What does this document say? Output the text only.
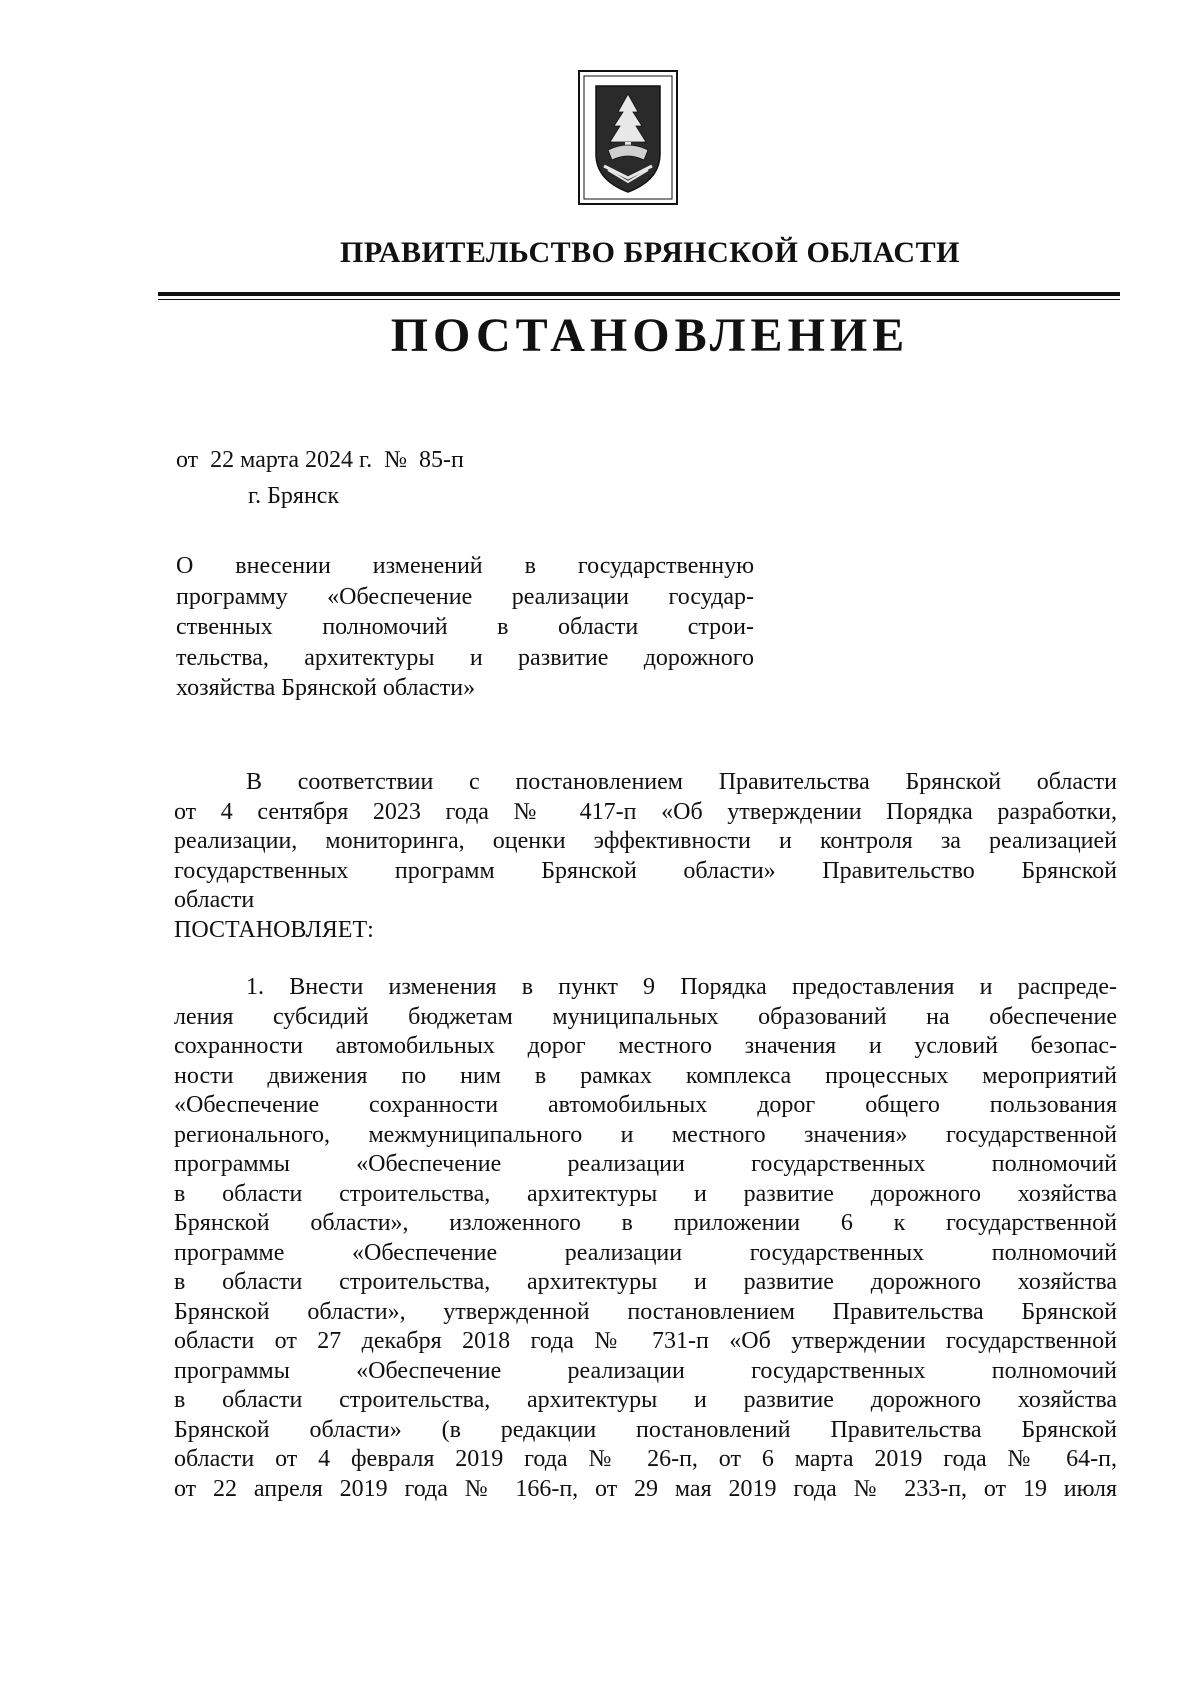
ПРАВИТЕЛЬСТВО БРЯНСКОЙ ОБЛАСТИ
ПОСТАНОВЛЕНИЕ
от  22 марта 2024 г.  №  85-п
г. Брянск
О внесении изменений в государственную
программу «Обеспечение реализации государ-
ственных полномочий в области строи-
тельства, архитектуры и развитие дорожного
хозяйства Брянской области»
В соответствии с постановлением Правительства Брянской области
от 4 сентября 2023 года № 417-п «Об утверждении Порядка разработки,
реализации, мониторинга, оценки эффективности и контроля за реализацией
государственных программ Брянской области» Правительство Брянской
области
ПОСТАНОВЛЯЕТ:
1. Внести изменения в пункт 9 Порядка предоставления и распреде-
ления субсидий бюджетам муниципальных образований на обеспечение
сохранности автомобильных дорог местного значения и условий безопас-
ности движения по ним в рамках комплекса процессных мероприятий
«Обеспечение сохранности автомобильных дорог общего пользования
регионального, межмуниципального и местного значения» государственной
программы «Обеспечение реализации государственных полномочий
в области строительства, архитектуры и развитие дорожного хозяйства
Брянской области», изложенного в приложении 6 к государственной
программе «Обеспечение реализации государственных полномочий
в области строительства, архитектуры и развитие дорожного хозяйства
Брянской области», утвержденной постановлением Правительства Брянской
области от 27 декабря 2018 года № 731-п «Об утверждении государственной
программы «Обеспечение реализации государственных полномочий
в области строительства, архитектуры и развитие дорожного хозяйства
Брянской области» (в редакции постановлений Правительства Брянской
области от 4 февраля 2019 года № 26-п, от 6 марта 2019 года № 64-п,
от 22 апреля 2019 года № 166-п, от 29 мая 2019 года № 233-п, от 19 июля
